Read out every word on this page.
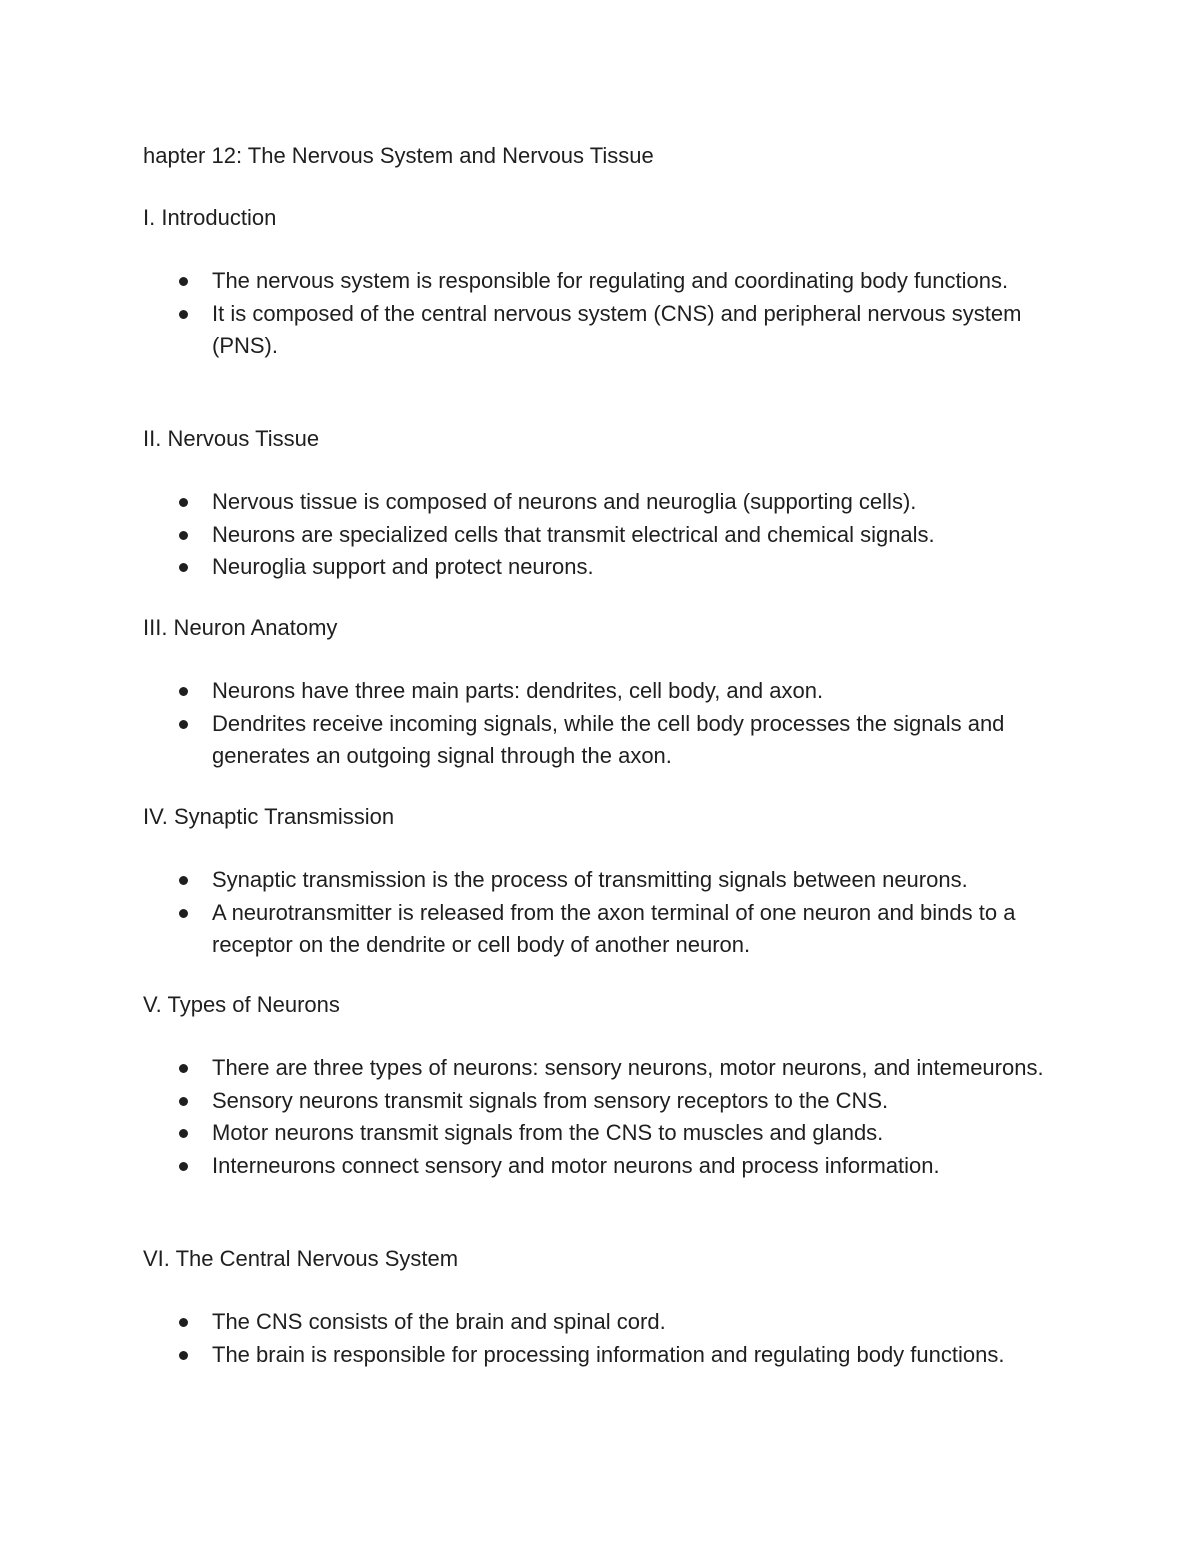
hapter 12: The Nervous System and Nervous Tissue
I. Introduction
The nervous system is responsible for regulating and coordinating body functions.
It is composed of the central nervous system (CNS) and peripheral nervous system (PNS).
II. Nervous Tissue
Nervous tissue is composed of neurons and neuroglia (supporting cells).
Neurons are specialized cells that transmit electrical and chemical signals.
Neuroglia support and protect neurons.
III. Neuron Anatomy
Neurons have three main parts: dendrites, cell body, and axon.
Dendrites receive incoming signals, while the cell body processes the signals and generates an outgoing signal through the axon.
IV. Synaptic Transmission
Synaptic transmission is the process of transmitting signals between neurons.
A neurotransmitter is released from the axon terminal of one neuron and binds to a receptor on the dendrite or cell body of another neuron.
V. Types of Neurons
There are three types of neurons: sensory neurons, motor neurons, and intemeurons.
Sensory neurons transmit signals from sensory receptors to the CNS.
Motor neurons transmit signals from the CNS to muscles and glands.
Interneurons connect sensory and motor neurons and process information.
VI. The Central Nervous System
The CNS consists of the brain and spinal cord.
The brain is responsible for processing information and regulating body functions.
